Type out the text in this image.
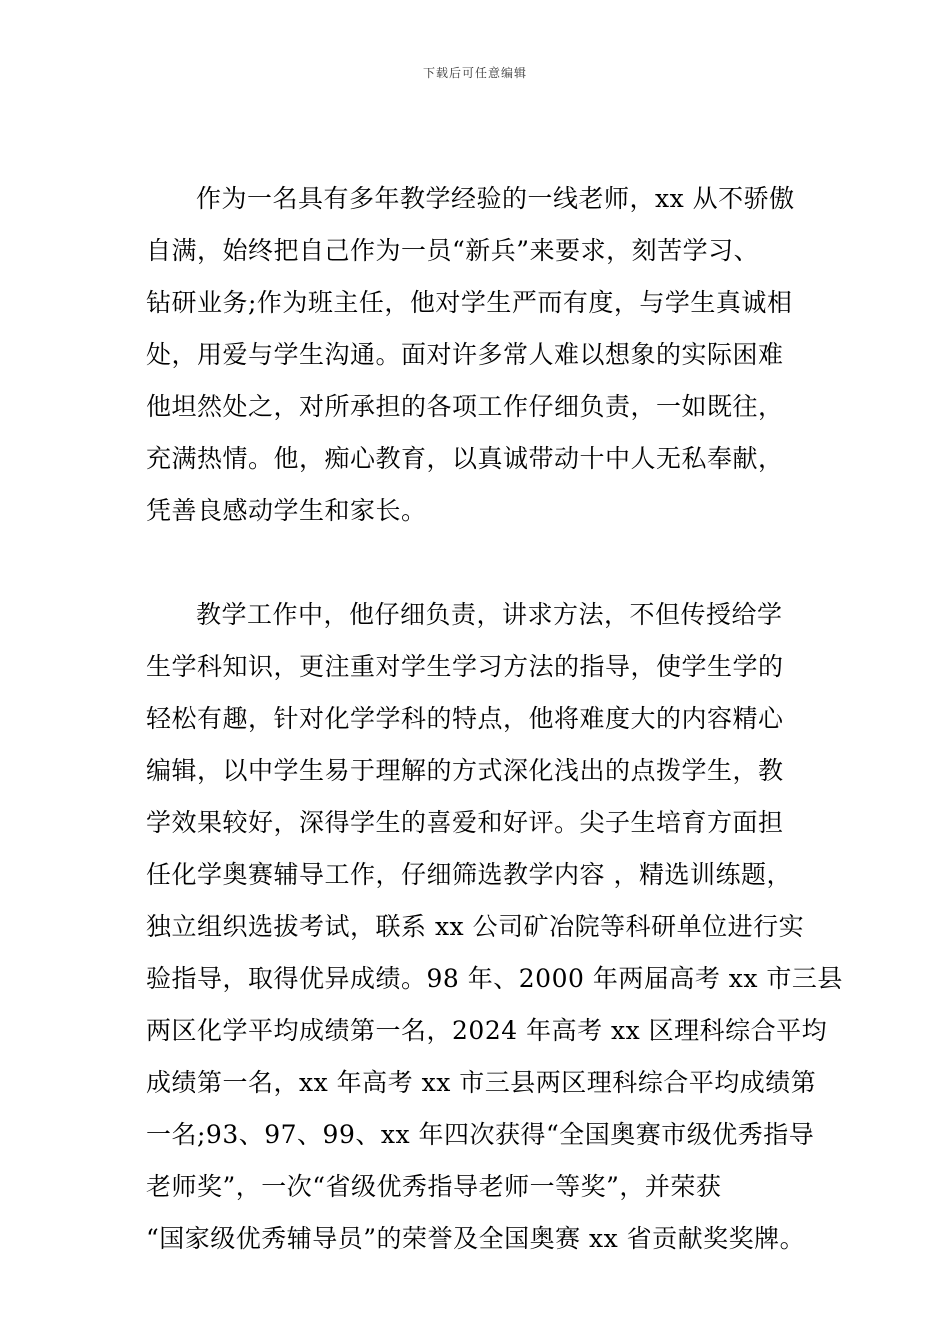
下载后可任意编辑
作为一名具有多年教学经验的一线老师，xx 从不骄傲
自满，始终把自己作为一员“新兵”来要求，刻苦学习、
钻研业务;作为班主任，他对学生严而有度，与学生真诚相
处，用爱与学生沟通。面对许多常人难以想象的实际困难
他坦然处之，对所承担的各项工作仔细负责，一如既往，
充满热情。他，痴心教育，以真诚带动十中人无私奉献，
凭善良感动学生和家长。
教学工作中，他仔细负责，讲求方法，不但传授给学
生学科知识，更注重对学生学习方法的指导，使学生学的
轻松有趣，针对化学学科的特点，他将难度大的内容精心
编辑，以中学生易于理解的方式深化浅出的点拨学生，教
学效果较好，深得学生的喜爱和好评。尖子生培育方面担
任化学奥赛辅导工作，仔细筛选教学内容 ，精选训练题，
独立组织选拔考试，联系 xx 公司矿冶院等科研单位进行实
验指导，取得优异成绩。98 年、2000 年两届高考 xx 市三县
两区化学平均成绩第一名，2024 年高考 xx 区理科综合平均
成绩第一名，xx 年高考 xx 市三县两区理科综合平均成绩第
一名;93、97、99、xx 年四次获得“全国奥赛市级优秀指导
老师奖”，一次“省级优秀指导老师一等奖”，并荣获
“国家级优秀辅导员”的荣誉及全国奥赛 xx 省贡献奖奖牌。
